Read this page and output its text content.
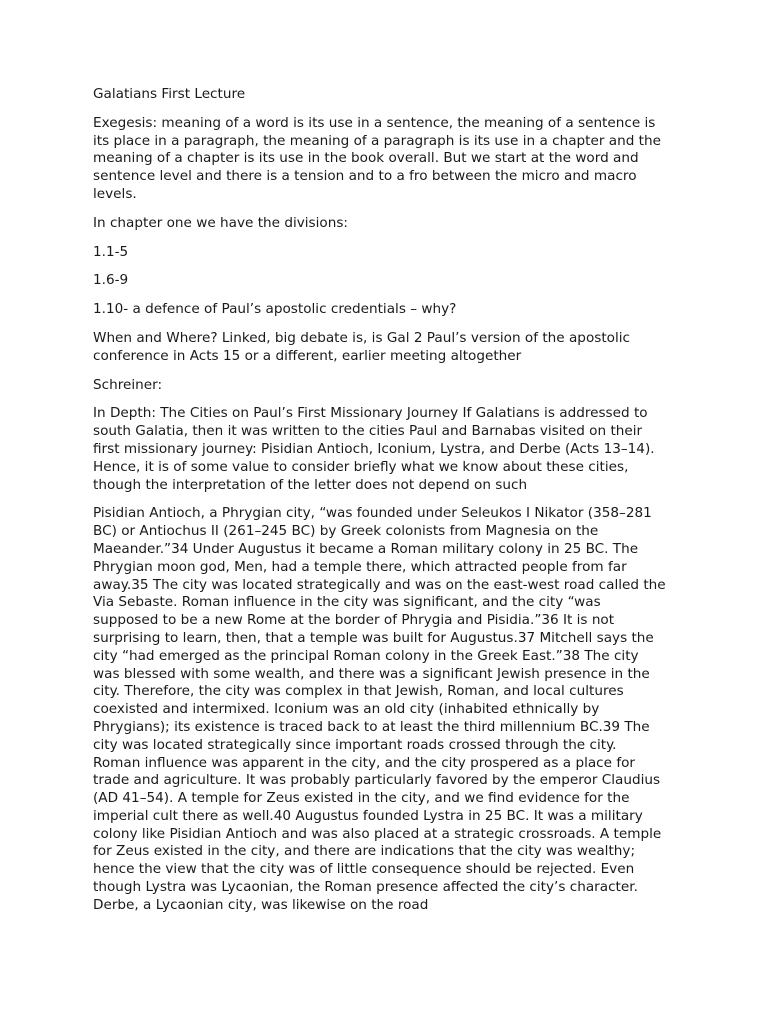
Galatians First Lecture

Exegesis: meaning of a word is its use in a sentence, the meaning of a sentence is its place in a paragraph, the meaning of a paragraph is its use in a chapter and the meaning of a chapter is its use in the book overall. But we start at the word and sentence level and there is a tension and to a fro between the micro and macro levels.

In chapter one we have the divisions:

1.1-5

1.6-9

1.10- a defence of Paul’s apostolic credentials – why?

When and Where? Linked, big debate is, is Gal 2 Paul’s version of the apostolic conference in Acts 15 or a different, earlier meeting altogether

Schreiner:

In Depth: The Cities on Paul’s First Missionary Journey If Galatians is addressed to south Galatia, then it was written to the cities Paul and Barnabas visited on their first missionary journey: Pisidian Antioch, Iconium, Lystra, and Derbe (Acts 13–14). Hence, it is of some value to consider briefly what we know about these cities, though the interpretation of the letter does not depend on such

Pisidian Antioch, a Phrygian city, “was founded under Seleukos I Nikator (358–281 BC) or Antiochus II (261–245 BC) by Greek colonists from Magnesia on the Maeander.”34 Under Augustus it became a Roman military colony in 25 BC. The Phrygian moon god, Men, had a temple there, which attracted people from far away.35 The city was located strategically and was on the east-west road called the Via Sebaste. Roman influence in the city was significant, and the city “was supposed to be a new Rome at the border of Phrygia and Pisidia.”36 It is not surprising to learn, then, that a temple was built for Augustus.37 Mitchell says the city “had emerged as the principal Roman colony in the Greek East.”38 The city was blessed with some wealth, and there was a significant Jewish presence in the city. Therefore, the city was complex in that Jewish, Roman, and local cultures coexisted and intermixed. Iconium was an old city (inhabited ethnically by Phrygians); its existence is traced back to at least the third millennium BC.39 The city was located strategically since important roads crossed through the city. Roman influence was apparent in the city, and the city prospered as a place for trade and agriculture. It was probably particularly favored by the emperor Claudius (AD 41–54). A temple for Zeus existed in the city, and we find evidence for the imperial cult there as well.40 Augustus founded Lystra in 25 BC. It was a military colony like Pisidian Antioch and was also placed at a strategic crossroads. A temple for Zeus existed in the city, and there are indications that the city was wealthy; hence the view that the city was of little consequence should be rejected. Even though Lystra was Lycaonian, the Roman presence affected the city’s character. Derbe, a Lycaonian city, was likewise on the road
